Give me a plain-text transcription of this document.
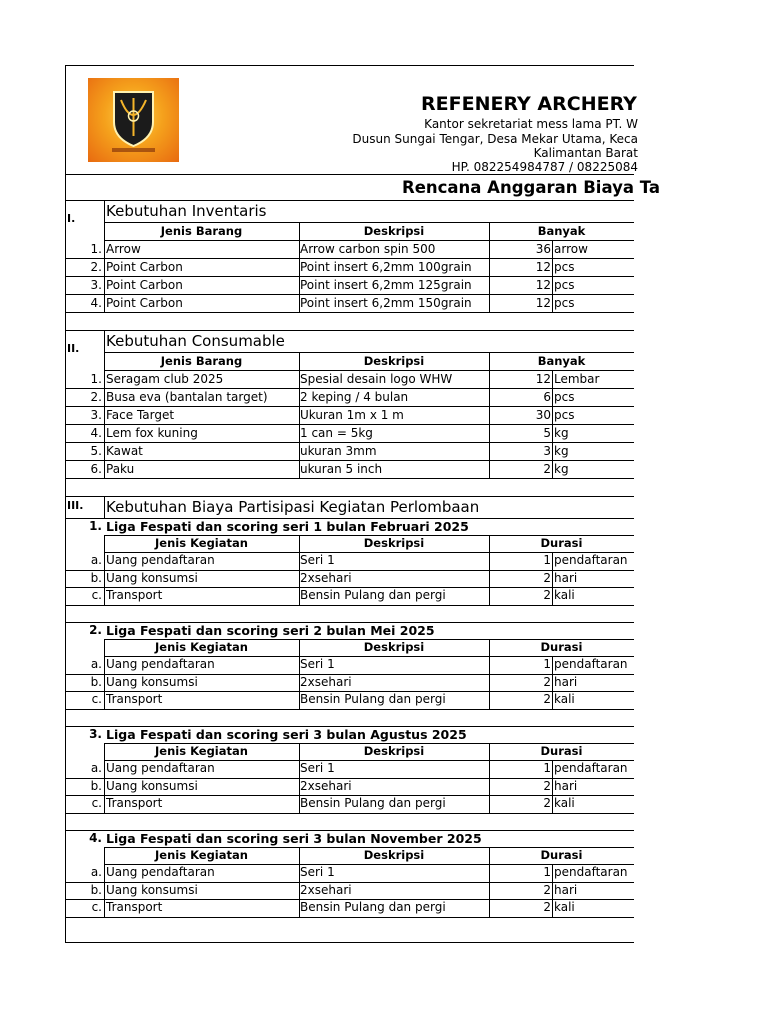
REFENERY ARCHERY
Kantor sekretariat mess lama PT. W
Dusun Sungai Tengar, Desa Mekar Utama, Keca
Kalimantan Barat
HP. 082254984787 / 08225084
Rencana Anggaran Biaya Ta
I.	Kebutuhan Inventaris
Jenis Barang	Deskripsi	Banyak
1. Arrow	Arrow carbon spin 500	36 arrow
2. Point Carbon	Point insert 6,2mm 100grain	12 pcs
3. Point Carbon	Point insert 6,2mm 125grain	12 pcs
4. Point Carbon	Point insert 6,2mm 150grain	12 pcs
II.	Kebutuhan Consumable
Jenis Barang	Deskripsi	Banyak
1. Seragam club 2025	Spesial desain logo WHW	12 Lembar
2. Busa eva (bantalan target)	2 keping / 4 bulan	6 pcs
3. Face Target	Ukuran 1m x 1 m	30 pcs
4. Lem fox kuning	1 can = 5kg	5 kg
5. Kawat	ukuran 3mm	3 kg
6. Paku	ukuran 5 inch	2 kg
III.	Kebutuhan Biaya Partisipasi Kegiatan Perlombaan
1. Liga Fespati dan scoring seri 1 bulan Februari 2025
Jenis Kegiatan	Deskripsi	Durasi
a. Uang pendaftaran	Seri 1	1 pendaftaran
b. Uang konsumsi	2xsehari	2 hari
c. Transport	Bensin Pulang dan pergi	2 kali
2. Liga Fespati dan scoring seri 2 bulan Mei 2025
Jenis Kegiatan	Deskripsi	Durasi
a. Uang pendaftaran	Seri 1	1 pendaftaran
b. Uang konsumsi	2xsehari	2 hari
c. Transport	Bensin Pulang dan pergi	2 kali
3. Liga Fespati dan scoring seri 3 bulan Agustus 2025
Jenis Kegiatan	Deskripsi	Durasi
a. Uang pendaftaran	Seri 1	1 pendaftaran
b. Uang konsumsi	2xsehari	2 hari
c. Transport	Bensin Pulang dan pergi	2 kali
4. Liga Fespati dan scoring seri 3 bulan November 2025
Jenis Kegiatan	Deskripsi	Durasi
a. Uang pendaftaran	Seri 1	1 pendaftaran
b. Uang konsumsi	2xsehari	2 hari
c. Transport	Bensin Pulang dan pergi	2 kali
